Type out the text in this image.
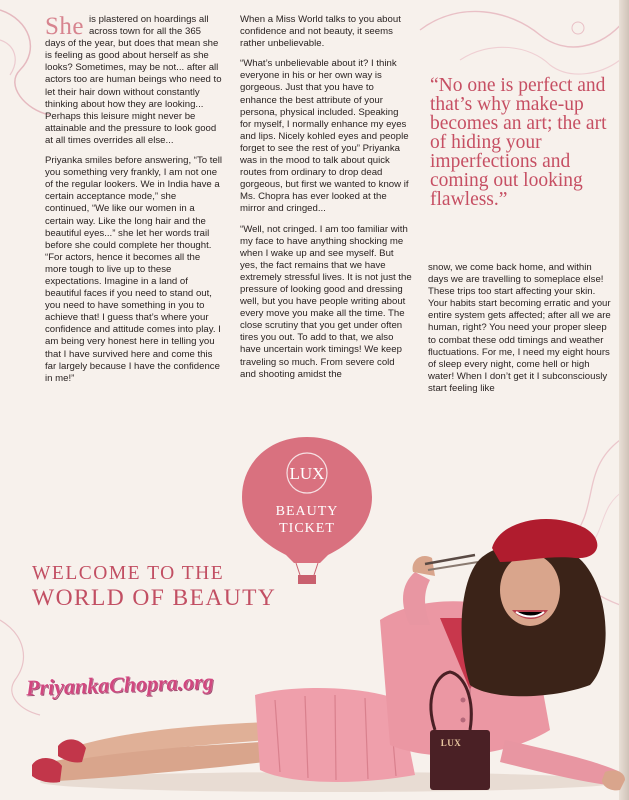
She is plastered on hoardings all across town for all the 365 days of the year, but does that mean she is feeling as good about herself as she looks? Sometimes, may be not... after all actors too are human beings who need to let their hair down without constantly thinking about how they are looking... Perhaps this leisure might never be attainable and the pressure to look good at all times overrides all else...

Priyanka smiles before answering, “To tell you something very frankly, I am not one of the regular lookers. We in India have a certain acceptance mode,” she continued, “We like our women in a certain way. Like the long hair and the beautiful eyes...” she let her words trail before she could complete her thought. “For actors, hence it becomes all the more tough to live up to these expectations. Imagine in a land of beautiful faces if you need to stand out, you need to have something in you to achieve that! I guess that’s where your confidence and attitude comes into play. I am being very honest here in telling you that I have survived here and come this far largely because I have the confidence in me!”

When a Miss World talks to you about confidence and not beauty, it seems rather unbelievable.

“What’s unbelievable about it? I think everyone in his or her own way is gorgeous. Just that you have to enhance the best attribute of your persona, physical included. Speaking for myself, I normally enhance my eyes and lips. Nicely kohled eyes and people forget to see the rest of you” Priyanka was in the mood to talk about quick routes from ordinary to drop dead gorgeous, but first we wanted to know if Ms. Chopra has ever looked at the mirror and cringed...

“Well, not cringed. I am too familiar with my face to have anything shocking me when I wake up and see myself. But yes, the fact remains that we have extremely stressful lives. It is not just the pressure of looking good and dressing well, but you have people writing about every move you make all the time. The close scrutiny that you get under often tires you out. To add to that, we also have uncertain work timings! We keep traveling so much. From severe cold and shooting amidst the

“No one is perfect and that’s why make-up becomes an art; the art of hiding your imperfections and coming out looking flawless.”

snow, we come back home, and within days we are travelling to someplace else! These trips too start affecting your skin. Your habits start becoming erratic and your entire system gets affected; after all we are human, right? You need your proper sleep to combat these odd timings and weather fluctuations. For me, I need my eight hours of sleep every night, come hell or high water! When I don’t get it I subconsciously start feeling like

LUX
LUX
BEAUTY
TICKET
WELCOME TO THE
WORLD OF BEAUTY
PriyankaChopra.org
